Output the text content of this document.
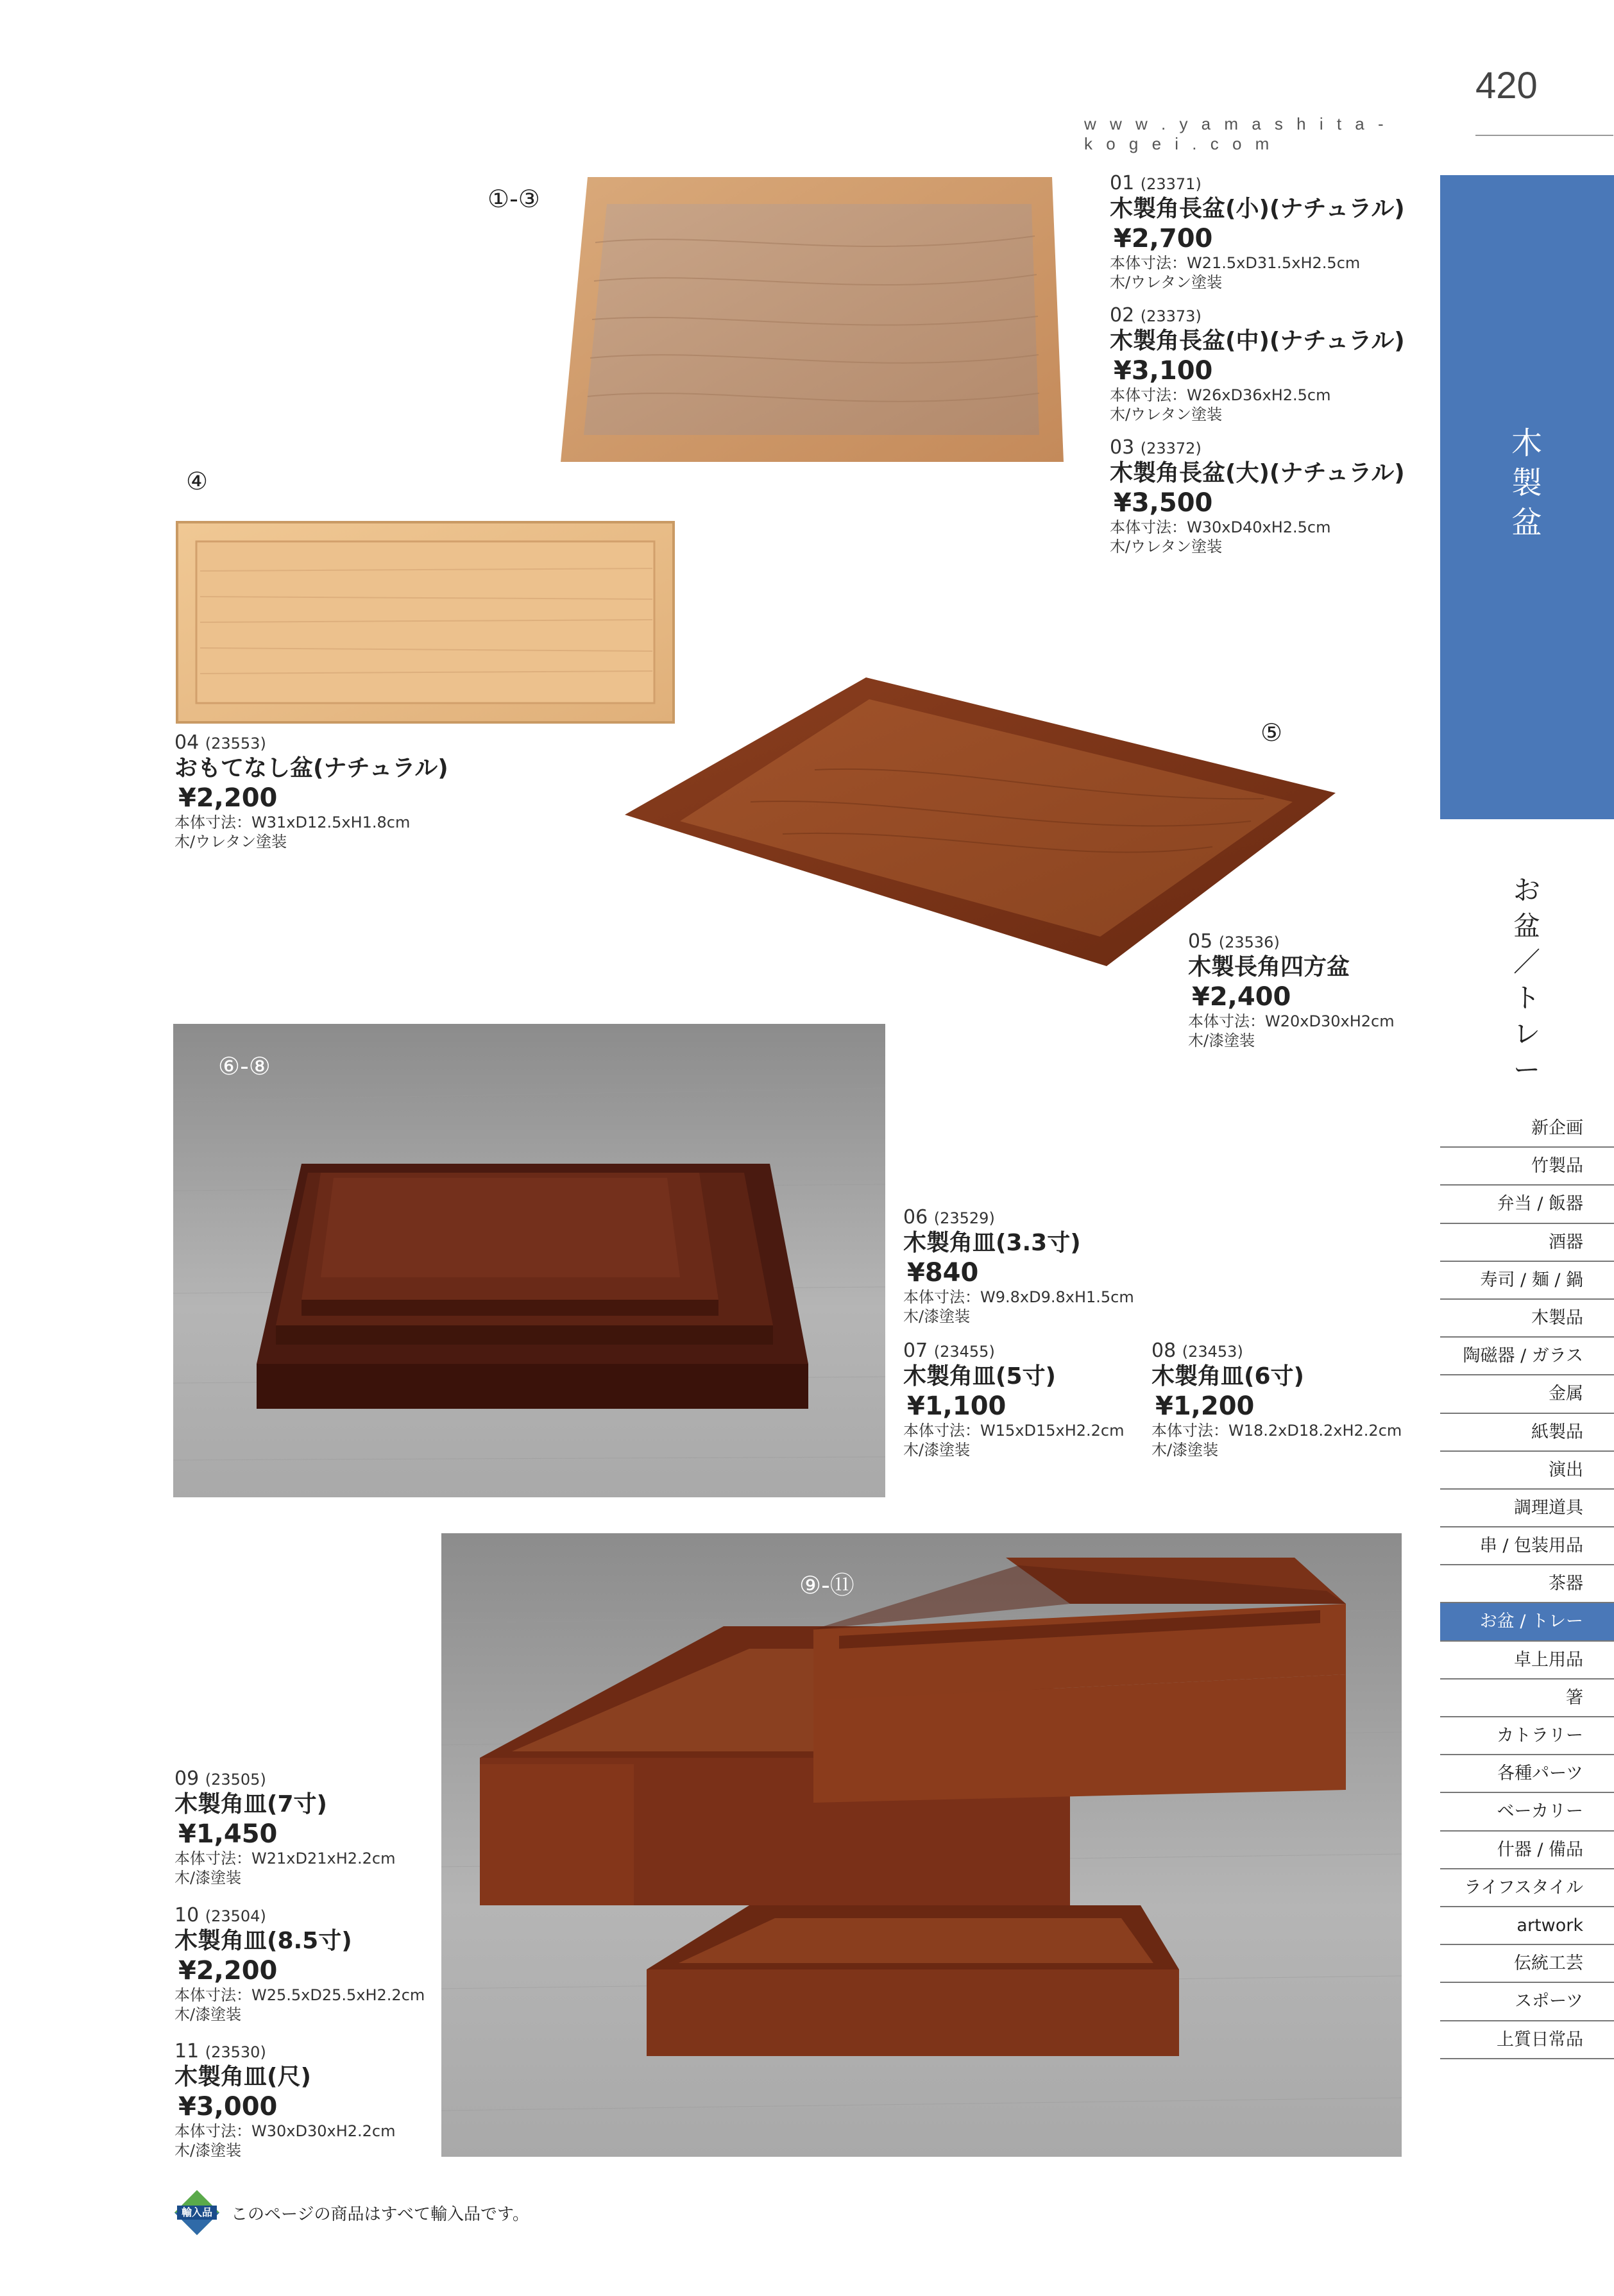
420
w w w . y a m a s h i t a - k o g e i . c o m
木
製
盆
お
盆
／
ト
レ
ー
新企画
竹製品
弁当 / 飯器
酒器
寿司 / 麺 / 鍋
木製品
陶磁器 / ガラス
金属
紙製品
演出
調理道具
串 / 包装用品
茶器
お盆 / トレー
卓上用品
箸
カトラリー
各種パーツ
ベーカリー
什器 / 備品
ライフスタイル
artwork
伝統工芸
スポーツ
上質日常品
①-③
④
⑤
⑥-⑧
⑨-⑪
01 (23371)
木製角長盆(小)(ナチュラル)
¥2,700
本体寸法：W21.5xD31.5xH2.5cm
木/ウレタン塗装
02 (23373)
木製角長盆(中)(ナチュラル)
¥3,100
本体寸法：W26xD36xH2.5cm
木/ウレタン塗装
03 (23372)
木製角長盆(大)(ナチュラル)
¥3,500
本体寸法：W30xD40xH2.5cm
木/ウレタン塗装
04 (23553)
おもてなし盆(ナチュラル)
¥2,200
本体寸法：W31xD12.5xH1.8cm
木/ウレタン塗装
05 (23536)
木製長角四方盆
¥2,400
本体寸法：W20xD30xH2cm
木/漆塗装
06 (23529)
木製角皿(3.3寸)
¥840
本体寸法：W9.8xD9.8xH1.5cm
木/漆塗装
07 (23455)
木製角皿(5寸)
¥1,100
本体寸法：W15xD15xH2.2cm
木/漆塗装
08 (23453)
木製角皿(6寸)
¥1,200
本体寸法：W18.2xD18.2xH2.2cm
木/漆塗装
09 (23505)
木製角皿(7寸)
¥1,450
本体寸法：W21xD21xH2.2cm
木/漆塗装
10 (23504)
木製角皿(8.5寸)
¥2,200
本体寸法：W25.5xD25.5xH2.2cm
木/漆塗装
11 (23530)
木製角皿(尺)
¥3,000
本体寸法：W30xD30xH2.2cm
木/漆塗装
輸入品 このページの商品はすべて輸入品です。
